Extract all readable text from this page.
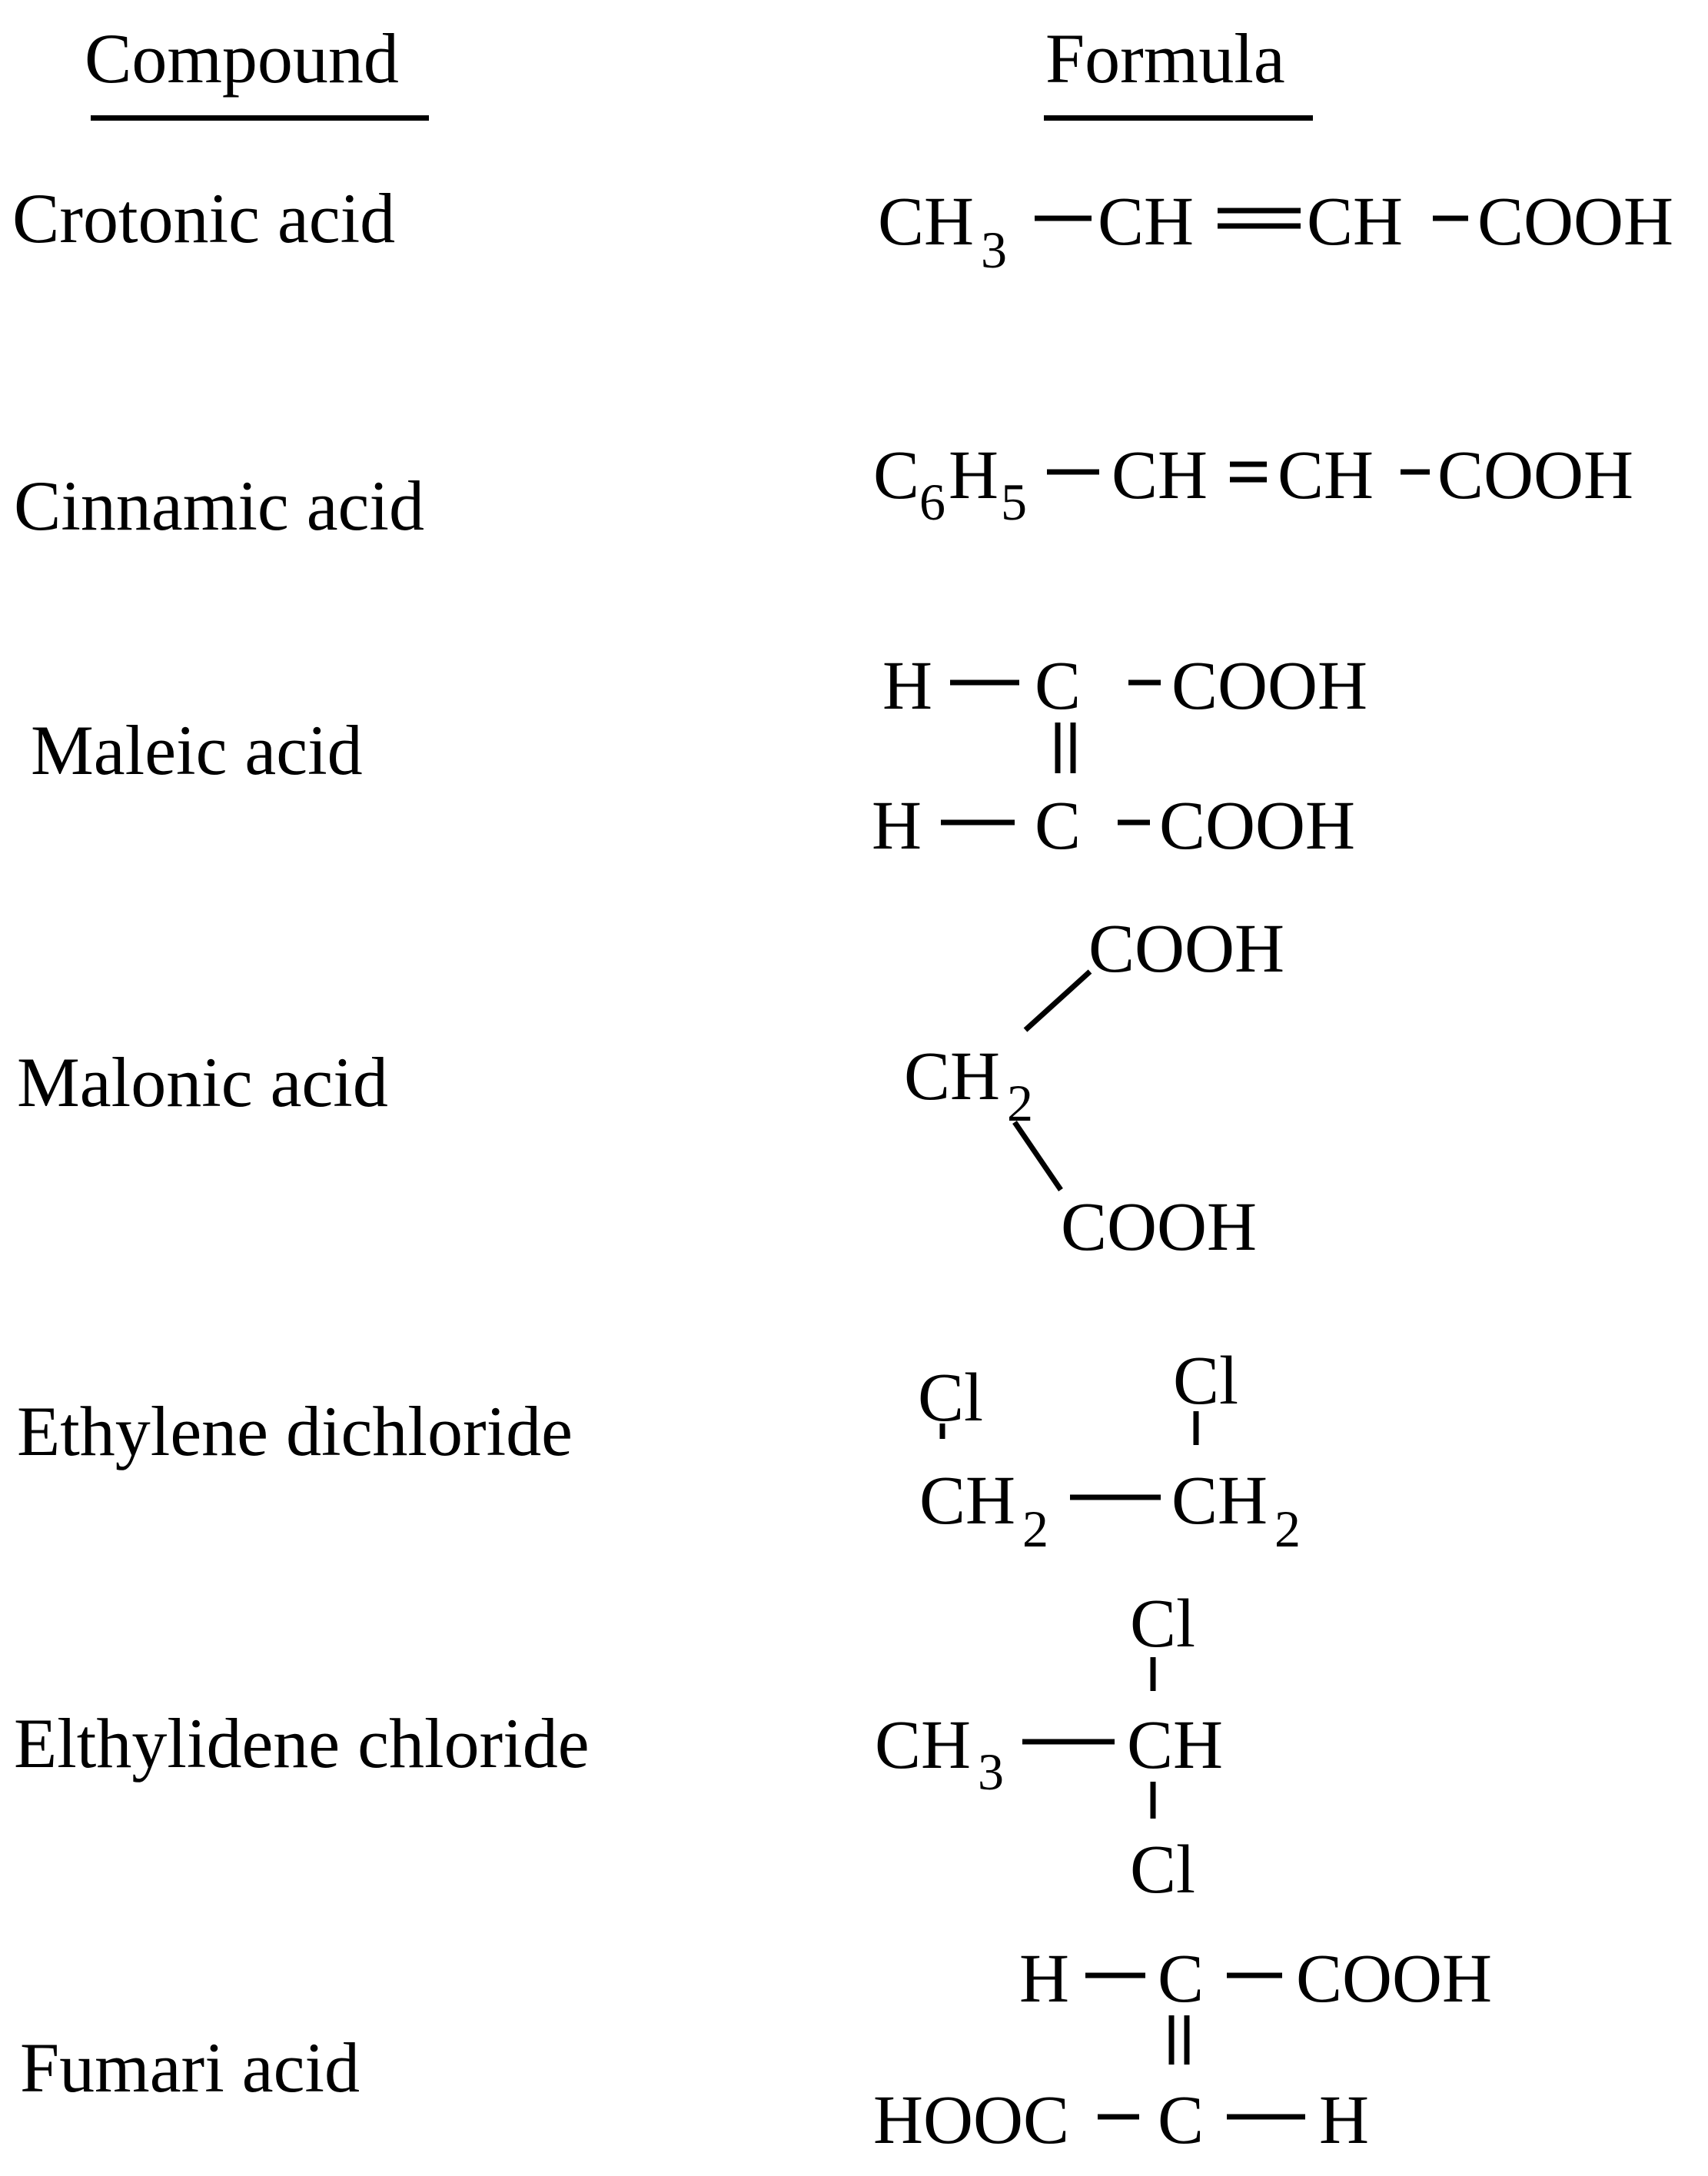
Compound	Formula
Crotonic acid
Cinnamic acid
Maleic acid
Malonic acid
Ethylene dichloride
Elthylidene chloride
Fumari acid
CH 3 CH CH COOH
C 6 H 5 CH CH COOH
H C COOH
H C COOH
COOH
CH 2
COOH
Cl	Cl
CH 2 CH 2
Cl
CH 3 CH
Cl
H C COOH
HOOC C H
